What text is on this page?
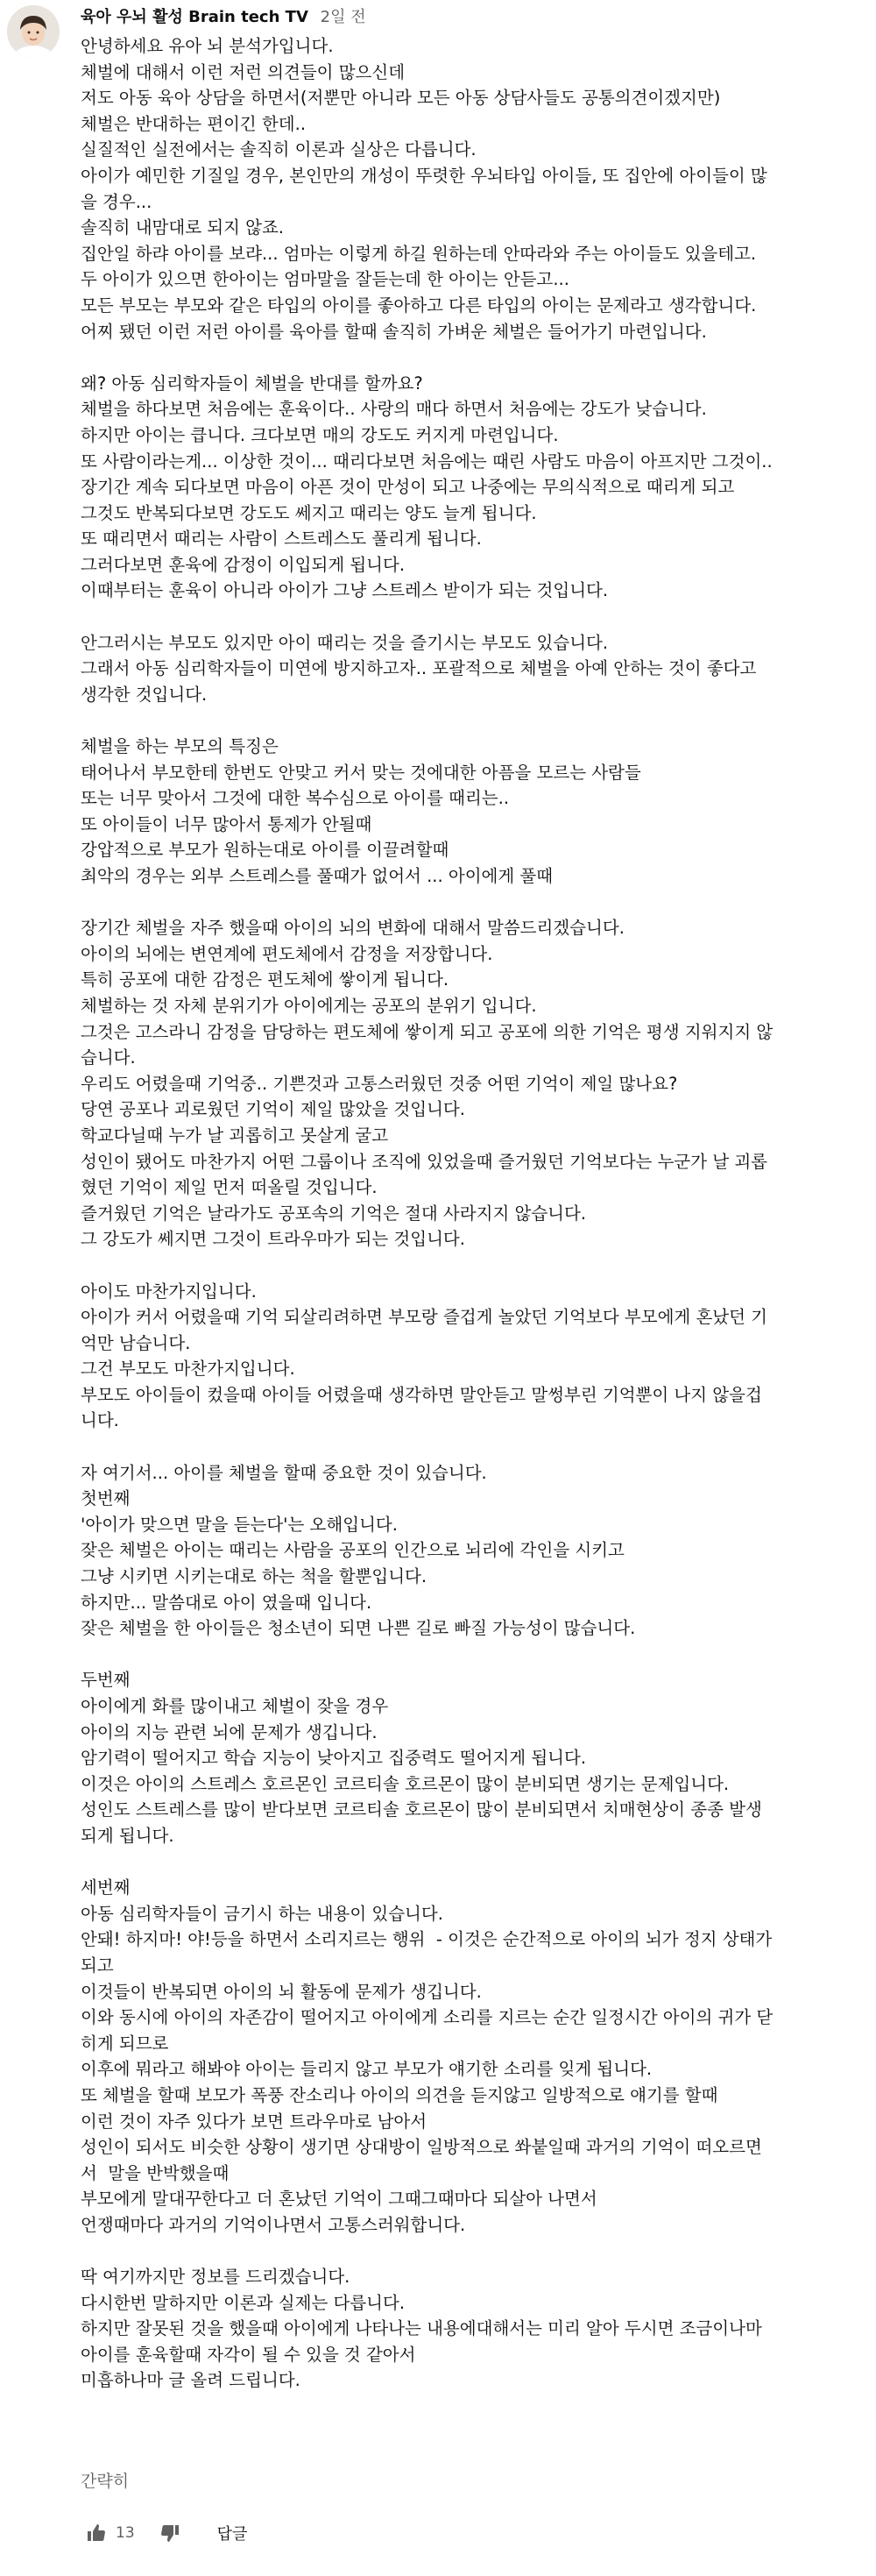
육아 우뇌 활성 Brain tech TV 2일 전
안녕하세요 유아 뇌 분석가입니다.
체벌에 대해서 이런 저런 의견들이 많으신데
저도 아동 육아 상담을 하면서(저뿐만 아니라 모든 아동 상담사들도 공통의견이겠지만)
체벌은 반대하는 편이긴 한데..
실질적인 실전에서는 솔직히 이론과 실상은 다릅니다.
아이가 예민한 기질일 경우, 본인만의 개성이 뚜렷한 우뇌타입 아이들, 또 집안에 아이들이 많
을 경우...
솔직히 내맘대로 되지 않죠.
집안일 하랴 아이를 보랴... 엄마는 이렇게 하길 원하는데 안따라와 주는 아이들도 있을테고.
두 아이가 있으면 한아이는 엄마말을 잘듣는데 한 아이는 안듣고...
모든 부모는 부모와 같은 타입의 아이를 좋아하고 다른 타입의 아이는 문제라고 생각합니다.
어찌 됐던 이런 저런 아이를 육아를 할때 솔직히 가벼운 체벌은 들어가기 마련입니다.
왜? 아동 심리학자들이 체벌을 반대를 할까요?
체벌을 하다보면 처음에는 훈육이다.. 사랑의 매다 하면서 처음에는 강도가 낮습니다.
하지만 아이는 큽니다. 크다보면 매의 강도도 커지게 마련입니다.
또 사람이라는게... 이상한 것이... 때리다보면 처음에는 때린 사람도 마음이 아프지만 그것이..
장기간 계속 되다보면 마음이 아픈 것이 만성이 되고 나중에는 무의식적으로 때리게 되고
그것도 반복되다보면 강도도 쎄지고 때리는 양도 늘게 됩니다.
또 때리면서 때리는 사람이 스트레스도 풀리게 됩니다.
그러다보면 훈육에 감정이 이입되게 됩니다.
이때부터는 훈육이 아니라 아이가 그냥 스트레스 받이가 되는 것입니다.
안그러시는 부모도 있지만 아이 때리는 것을 즐기시는 부모도 있습니다.
그래서 아동 심리학자들이 미연에 방지하고자.. 포괄적으로 체벌을 아예 안하는 것이 좋다고
생각한 것입니다.
체벌을 하는 부모의 특징은
태어나서 부모한테 한번도 안맞고 커서 맞는 것에대한 아픔을 모르는 사람들
또는 너무 맞아서 그것에 대한 복수심으로 아이를 때리는..
또 아이들이 너무 많아서 통제가 안될때
강압적으로 부모가 원하는대로 아이를 이끌려할때
최악의 경우는 외부 스트레스를 풀때가 없어서 ... 아이에게 풀때
장기간 체벌을 자주 했을때 아이의 뇌의 변화에 대해서 말씀드리겠습니다.
아이의 뇌에는 변연계에 편도체에서 감정을 저장합니다.
특히 공포에 대한 감정은 편도체에 쌓이게 됩니다.
체벌하는 것 자체 분위기가 아이에게는 공포의 분위기 입니다.
그것은 고스라니 감정을 담당하는 편도체에 쌓이게 되고 공포에 의한 기억은 평생 지워지지 않
습니다.
우리도 어렸을때 기억중.. 기쁜것과 고통스러웠던 것중 어떤 기억이 제일 많나요?
당연 공포나 괴로웠던 기억이 제일 많았을 것입니다.
학교다닐때 누가 날 괴롭히고 못살게 굴고
성인이 됐어도 마찬가지 어떤 그룹이나 조직에 있었을때 즐거웠던 기억보다는 누군가 날 괴롭
혔던 기억이 제일 먼저 떠올릴 것입니다.
즐거웠던 기억은 날라가도 공포속의 기억은 절대 사라지지 않습니다.
그 강도가 쎄지면 그것이 트라우마가 되는 것입니다.
아이도 마찬가지입니다.
아이가 커서 어렸을때 기억 되살리려하면 부모랑 즐겁게 놀았던 기억보다 부모에게 혼났던 기
억만 남습니다.
그건 부모도 마찬가지입니다.
부모도 아이들이 컸을때 아이들 어렸을때 생각하면 말안듣고 말썽부린 기억뿐이 나지 않을겁
니다.
자 여기서... 아이를 체벌을 할때 중요한 것이 있습니다.
첫번째
'아이가 맞으면 말을 듣는다'는 오해입니다.
잦은 체벌은 아이는 때리는 사람을 공포의 인간으로 뇌리에 각인을 시키고
그냥 시키면 시키는대로 하는 척을 할뿐입니다.
하지만... 말씀대로 아이 였을때 입니다.
잦은 체벌을 한 아이들은 청소년이 되면 나쁜 길로 빠질 가능성이 많습니다.
두번째
아이에게 화를 많이내고 체벌이 잦을 경우
아이의 지능 관련 뇌에 문제가 생깁니다.
암기력이 떨어지고 학습 지능이 낮아지고 집중력도 떨어지게 됩니다.
이것은 아이의 스트레스 호르몬인 코르티솔 호르몬이 많이 분비되면 생기는 문제입니다.
성인도 스트레스를 많이 받다보면 코르티솔 호르몬이 많이 분비되면서 치매현상이 종종 발생
되게 됩니다.
세번째
아동 심리학자들이 금기시 하는 내용이 있습니다.
안돼! 하지마! 야!등을 하면서 소리지르는 행위  - 이것은 순간적으로 아이의 뇌가 정지 상태가
되고
이것들이 반복되면 아이의 뇌 활동에 문제가 생깁니다.
이와 동시에 아이의 자존감이 떨어지고 아이에게 소리를 지르는 순간 일정시간 아이의 귀가 닫
히게 되므로
이후에 뭐라고 해봐야 아이는 들리지 않고 부모가 얘기한 소리를 잊게 됩니다.
또 체벌을 할때 보모가 폭풍 잔소리나 아이의 의견을 듣지않고 일방적으로 얘기를 할때
이런 것이 자주 있다가 보면 트라우마로 남아서
성인이 되서도 비슷한 상황이 생기면 상대방이 일방적으로 쏴붙일때 과거의 기억이 떠오르면
서  말을 반박했을때
부모에게 말대꾸한다고 더 혼났던 기억이 그때그때마다 되살아 나면서
언쟁때마다 과거의 기억이나면서 고통스러워합니다.
딱 여기까지만 정보를 드리겠습니다.
다시한번 말하지만 이론과 실제는 다릅니다.
하지만 잘못된 것을 했을때 아이에게 나타나는 내용에대해서는 미리 알아 두시면 조금이나마
아이를 훈육할때 자각이 될 수 있을 것 같아서
미흡하나마 글 올려 드립니다.
간략히
13	답글
